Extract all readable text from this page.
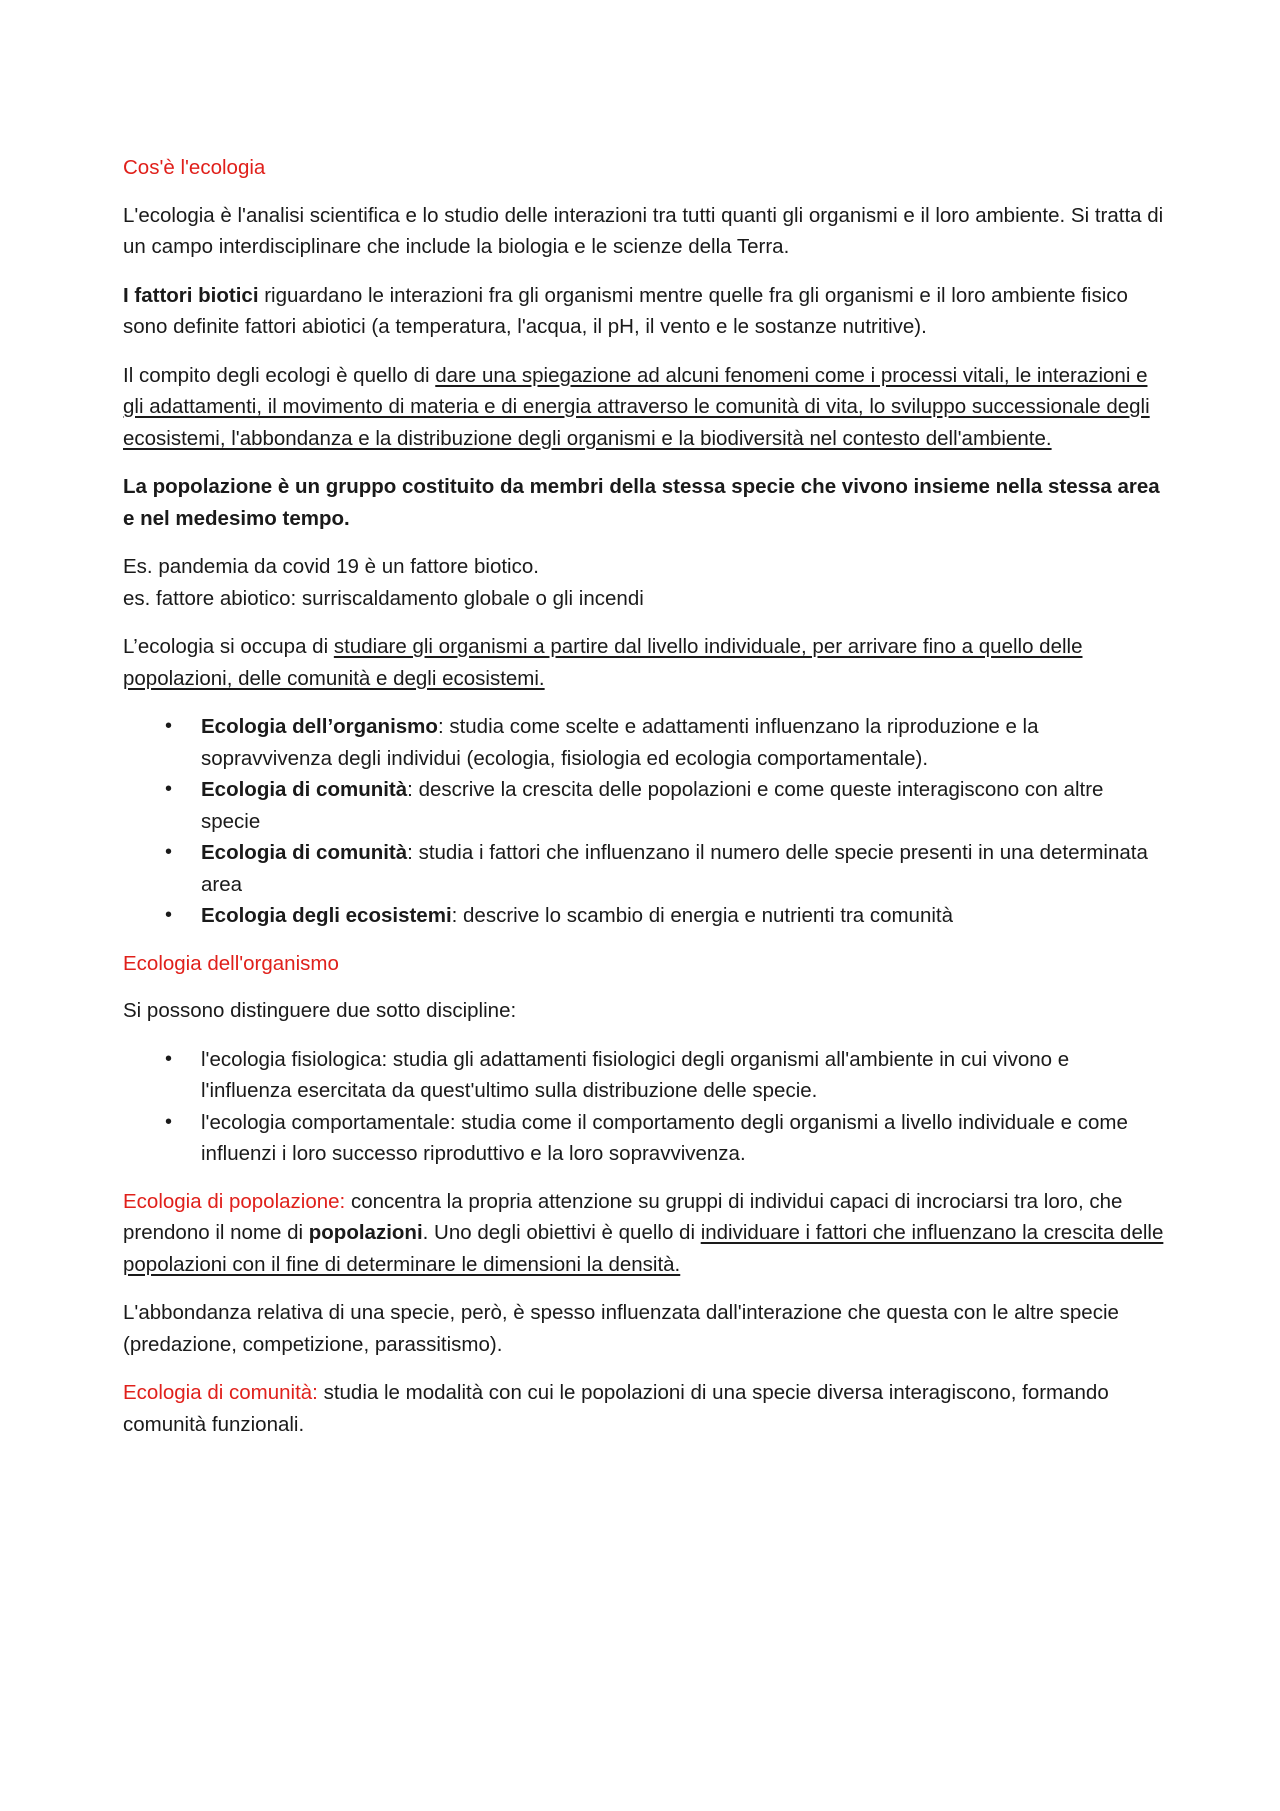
Cos'è l'ecologia

L'ecologia è l'analisi scientifica e lo studio delle interazioni tra tutti quanti gli organismi e il loro ambiente. Si tratta di un campo interdisciplinare che include la biologia e le scienze della Terra.

I fattori biotici riguardano le interazioni fra gli organismi mentre quelle fra gli organismi e il loro ambiente fisico sono definite fattori abiotici (a temperatura, l'acqua, il pH, il vento e le sostanze nutritive).

Il compito degli ecologi è quello di dare una spiegazione ad alcuni fenomeni come i processi vitali, le interazioni e gli adattamenti, il movimento di materia e di energia attraverso le comunità di vita, lo sviluppo successionale degli ecosistemi, l'abbondanza e la distribuzione degli organismi e la biodiversità nel contesto dell'ambiente.

La popolazione è un gruppo costituito da membri della stessa specie che vivono insieme nella stessa area e nel medesimo tempo.

Es. pandemia da covid 19 è un fattore biotico.
es. fattore abiotico: surriscaldamento globale o gli incendi

L’ecologia si occupa di studiare gli organismi a partire dal livello individuale, per arrivare fino a quello delle popolazioni, delle comunità e degli ecosistemi.

• Ecologia dell’organismo: studia come scelte e adattamenti influenzano la riproduzione e la sopravvivenza degli individui (ecologia, fisiologia ed ecologia comportamentale).
• Ecologia di comunità: descrive la crescita delle popolazioni e come queste interagiscono con altre specie
• Ecologia di comunità: studia i fattori che influenzano il numero delle specie presenti in una determinata area
• Ecologia degli ecosistemi: descrive lo scambio di energia e nutrienti tra comunità
Ecologia dell'organismo

Si possono distinguere due sotto discipline:

• l'ecologia fisiologica: studia gli adattamenti fisiologici degli organismi all'ambiente in cui vivono e l'influenza esercitata da quest'ultimo sulla distribuzione delle specie.
• l'ecologia comportamentale: studia come il comportamento degli organismi a livello individuale e come influenzi i loro successo riproduttivo e la loro sopravvivenza.

Ecologia di popolazione: concentra la propria attenzione su gruppi di individui capaci di incrociarsi tra loro, che prendono il nome di popolazioni. Uno degli obiettivi è quello di individuare i fattori che influenzano la crescita delle popolazioni con il fine di determinare le dimensioni la densità.

L'abbondanza relativa di una specie, però, è spesso influenzata dall'interazione che questa con le altre specie (predazione, competizione, parassitismo).

Ecologia di comunità: studia le modalità con cui le popolazioni di una specie diversa interagiscono, formando comunità funzionali.
